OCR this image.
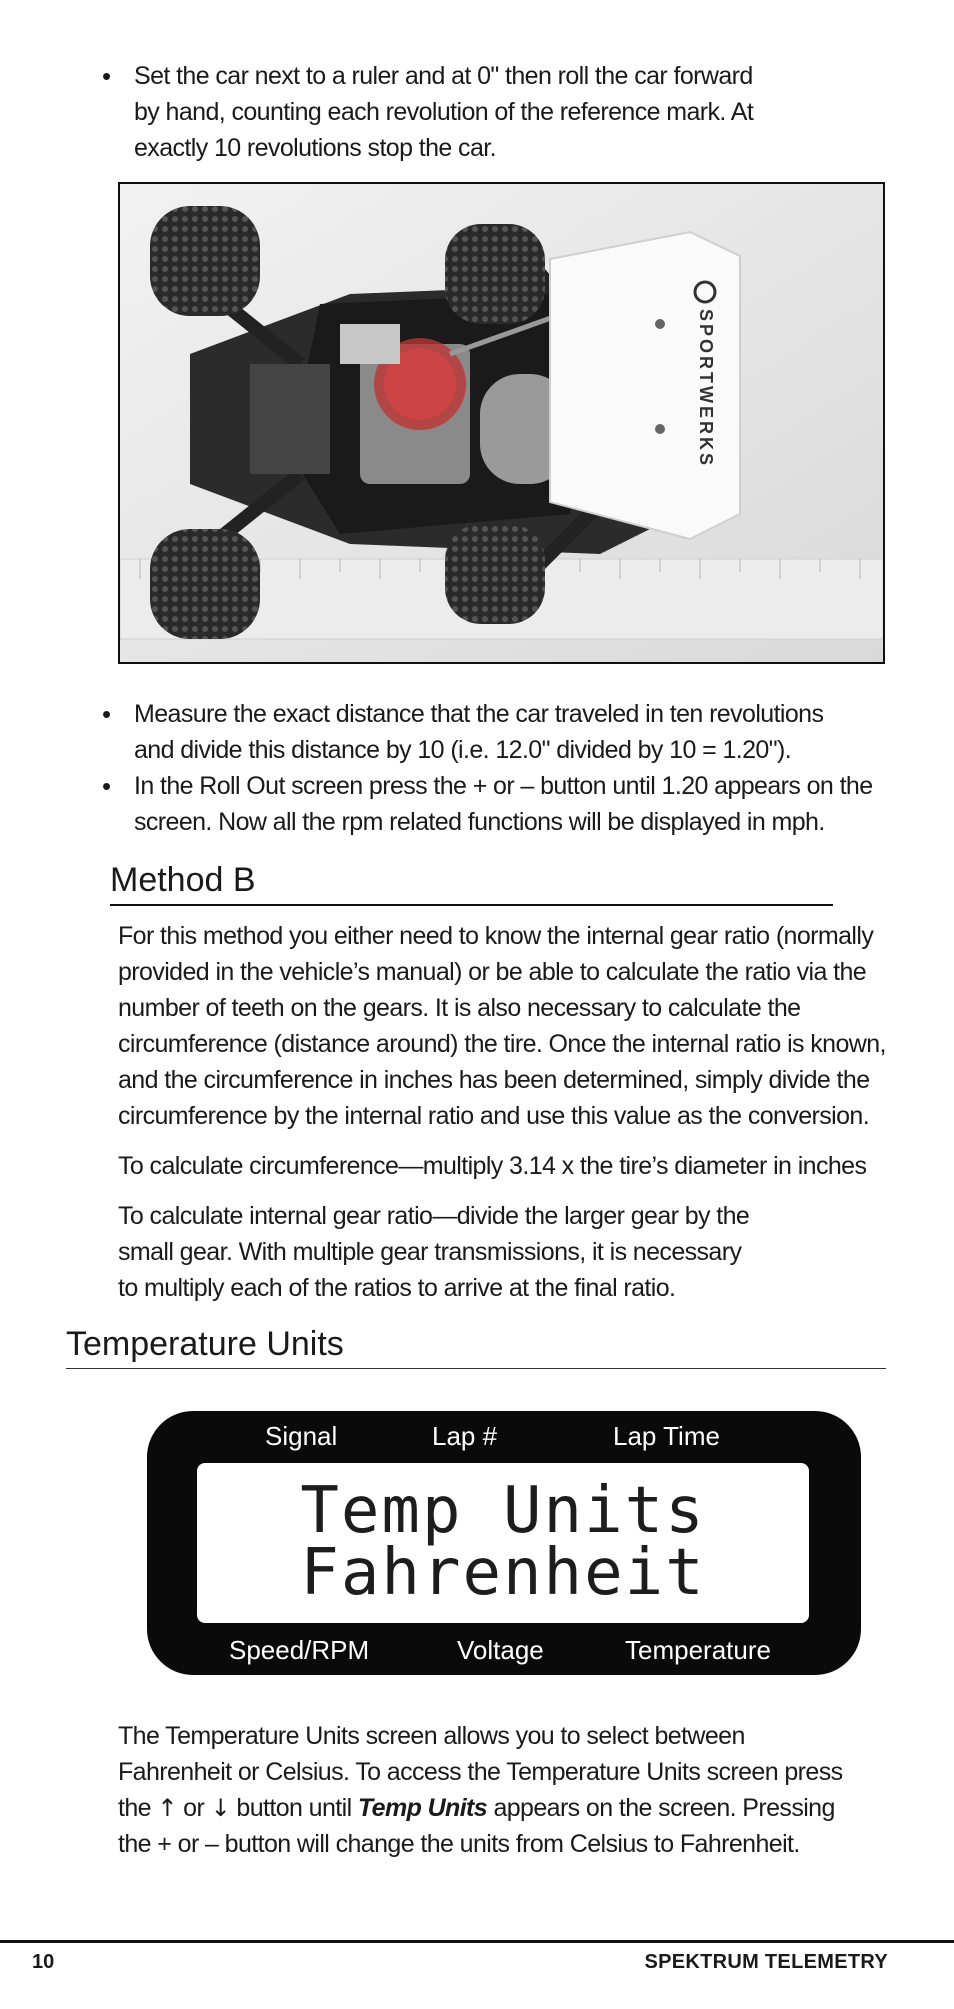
• Set the car next to a ruler and at 0" then roll the car forward by hand, counting each revolution of the reference mark. At exactly 10 revolutions stop the car.
SPORTWERKS
• Measure the exact distance that the car traveled in ten revolutions and divide this distance by 10 (i.e. 12.0" divided by 10 = 1.20").
• In the Roll Out screen press the + or – button until 1.20 appears on the screen. Now all the rpm related functions will be displayed in mph.
Method B

For this method you either need to know the internal gear ratio (normally provided in the vehicle’s manual) or be able to calculate the ratio via the number of teeth on the gears. It is also necessary to calculate the circumference (distance around) the tire. Once the internal ratio is known, and the circumference in inches has been determined, simply divide the circumference by the internal ratio and use this value as the conversion.

To calculate circumference—multiply 3.14 x the tire’s diameter in inches

To calculate internal gear ratio—divide the larger gear by the small gear. With multiple gear transmissions, it is necessary to multiply each of the ratios to arrive at the final ratio.

Temperature Units
Signal	Lap #	Lap Time
Temp Units
Fahrenheit
Speed/RPM	Voltage	Temperature

The Temperature Units screen allows you to select between Fahrenheit or Celsius. To access the Temperature Units screen press the ↑ or ↓ button until Temp Units appears on the screen. Pressing the + or – button will change the units from Celsius to Fahrenheit.

10	SPEKTRUM TELEMETRY
